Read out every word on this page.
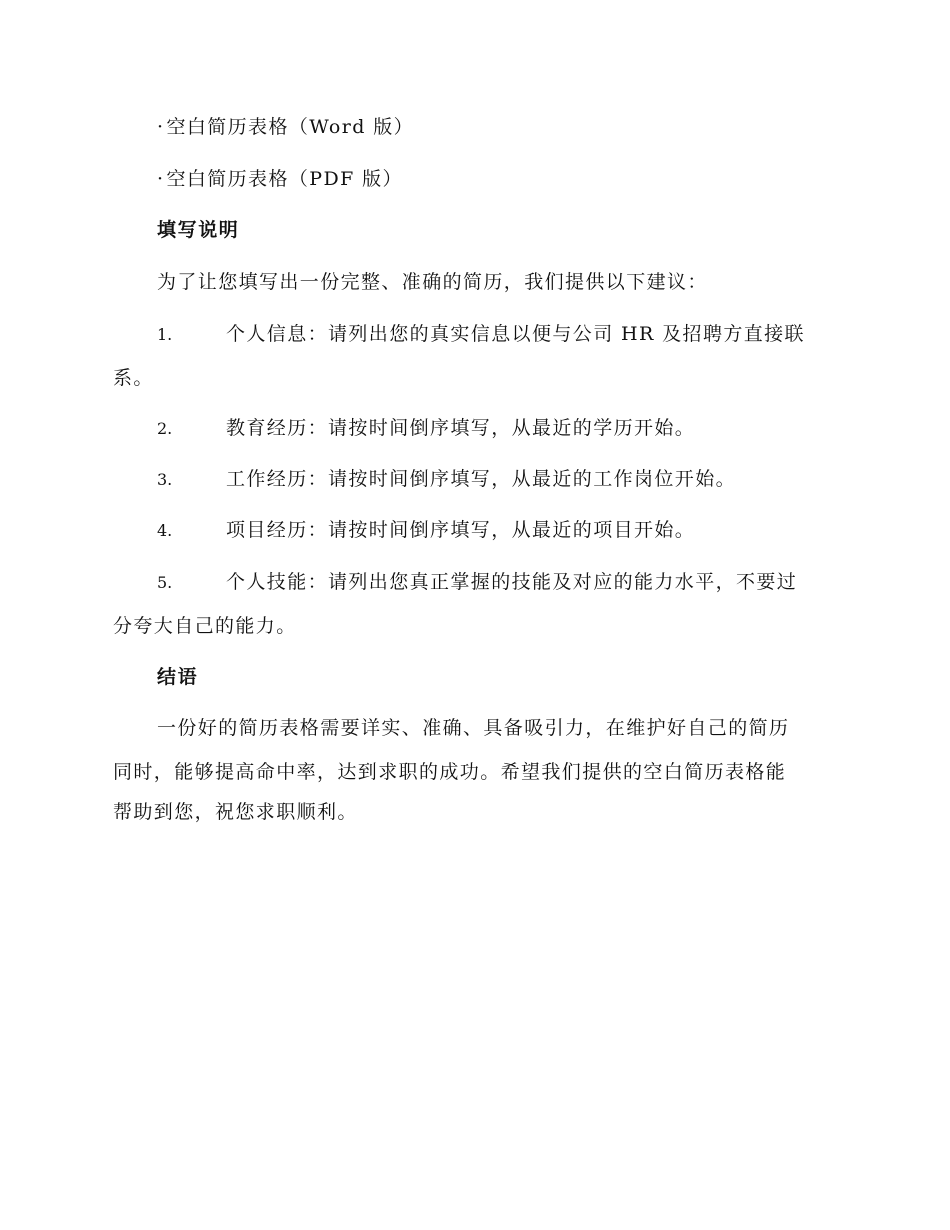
· 空白简历表格（Word 版）
· 空白简历表格（PDF 版）
填写说明
为了让您填写出一份完整、准确的简历，我们提供以下建议：
1.	个人信息：请列出您的真实信息以便与公司 HR 及招聘方直接联
系。
2.	教育经历：请按时间倒序填写，从最近的学历开始。
3.	工作经历：请按时间倒序填写，从最近的工作岗位开始。
4.	项目经历：请按时间倒序填写，从最近的项目开始。
5.	个人技能：请列出您真正掌握的技能及对应的能力水平，不要过
分夸大自己的能力。
结语
一份好的简历表格需要详实、准确、具备吸引力，在维护好自己的简历
同时，能够提高命中率，达到求职的成功。希望我们提供的空白简历表格能
帮助到您，祝您求职顺利。
